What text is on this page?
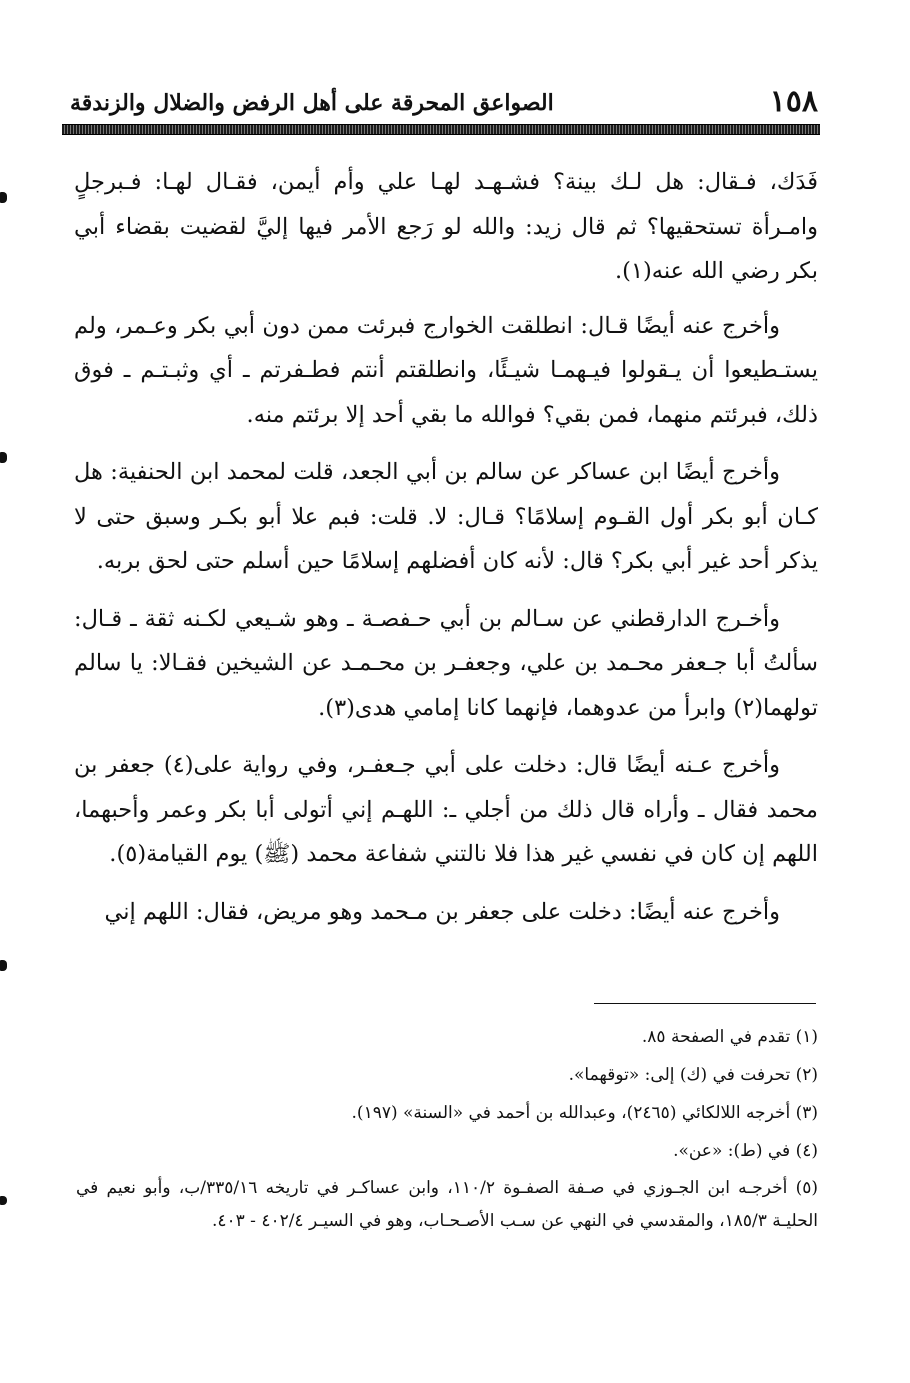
١٥٨
الصواعق المحرقة على أهل الرفض والضلال والزندقة

فَدَك، فـقال: هل لـك بينة؟ فشـهـد لهـا علي وأم أيمن، فقـال لهـا: فـبرجلٍ وامـرأة تستحقيها؟ ثم قال زيد: والله لو رَجع الأمر فيها إليَّ لقضيت بقضاء أبي بكر رضي الله عنه(١).

وأخرج عنه أيضًا قـال: انطلقت الخوارج فبرئت ممن دون أبي بكر وعـمر، ولم يستـطيعوا أن يـقولوا فيـهمـا شيـئًا، وانطلقتم أنتم فطـفرتم ـ أي وثبـتـم ـ فوق ذلك، فبرئتم منهما، فمن بقي؟ فوالله ما بقي أحد إلا برئتم منه.

وأخرج أيضًا ابن عساكر عن سالم بن أبي الجعد، قلت لمحمد ابن الحنفية: هل كـان أبو بكر أول القـوم إسلامًا؟ قـال: لا. قلت: فبم علا أبو بكـر وسبق حتى لا يذكر أحد غير أبي بكر؟ قال: لأنه كان أفضلهم إسلامًا حين أسلم حتى لحق بربه.

وأخـرج الدارقطني عن سـالم بن أبي حـفصـة ـ وهو شـيعي لكـنه ثقة ـ قـال: سألتُ أبا جـعفر محـمد بن علي، وجعفـر بن محـمـد عن الشيخين فقـالا: يا سالم تولهما(٢) وابرأ من عدوهما، فإنهما كانا إمامي هدى(٣).

وأخرج عـنه أيضًا قال: دخلت على أبي جـعفـر، وفي رواية على(٤) جعفر بن محمد فقال ـ وأراه قال ذلك من أجلي ـ: اللهـم إني أتولى أبا بكر وعمر وأحبهما، اللهم إن كان في نفسي غير هذا فلا نالتني شفاعة محمد (ﷺ) يوم القيامة(٥).

وأخرج عنه أيضًا: دخلت على جعفر بن مـحمد وهو مريض، فقال: اللهم إني

(١) تقدم في الصفحة ٨٥.

(٢) تحرفت في (ك) إلى: «توقهما».

(٣) أخرجه اللالكائي (٢٤٦٥)، وعبدالله بن أحمد في «السنة» (١٩٧).

(٤) في (ط): «عن».

(٥) أخرجـه ابن الجـوزي في صـفة الصفـوة ١١٠/٢، وابن عساكـر في تاريخه ٣٣٥/١٦/ب، وأبو نعيم في الحليـة ١٨٥/٣، والمقدسي في النهي عن سـب الأصـحـاب، وهو في السيـر ٤٠٢/٤ - ٤٠٣.
